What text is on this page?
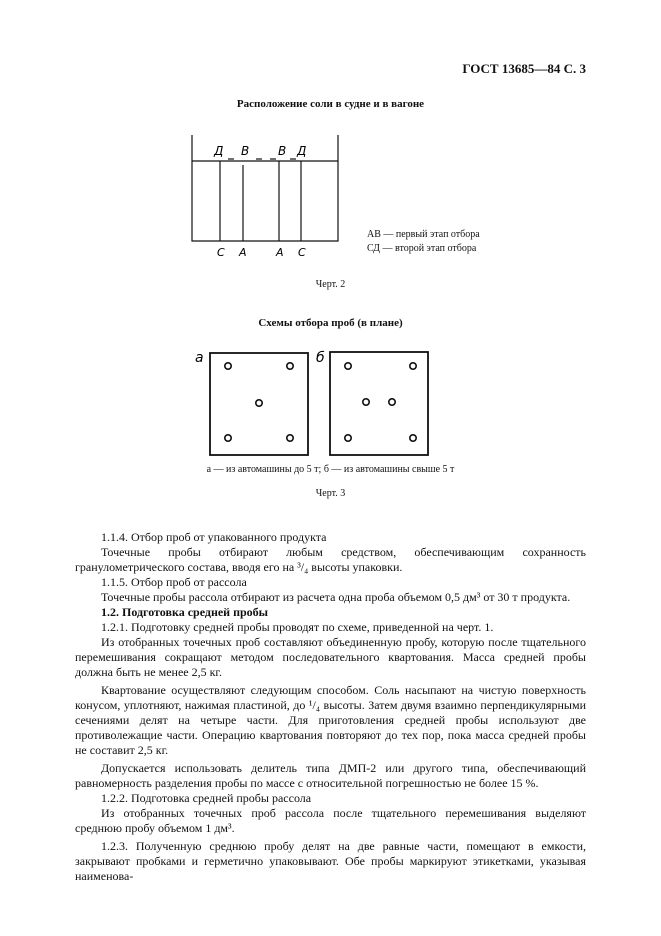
ГОСТ 13685—84 С. 3
Расположение соли в судне и в вагоне
Д В В Д
С А	А С
АВ — первый этап отбора
СД — второй этап отбора
Черт. 2
Схемы отбора проб (в плане)
а	б
а — из автомашины до 5 т; б — из автомашины свыше 5 т
Черт. 3

1.1.4. Отбор проб от упакованного продукта

Точечные пробы отбирают любым средством, обеспечивающим сохранность гранулометрического состава, вводя его на ³/₄ высоты упаковки.

1.1.5. Отбор проб от рассола

Точечные пробы рассола отбирают из расчета одна проба объемом 0,5 дм³ от 30 т продукта.

1.2. Подготовка средней пробы

1.2.1. Подготовку средней пробы проводят по схеме, приведенной на черт. 1.

Из отобранных точечных проб составляют объединенную пробу, которую после тщательного перемешивания сокращают методом последовательного квартования. Масса средней пробы должна быть не менее 2,5 кг.

Квартование осуществляют следующим способом. Соль насыпают на чистую поверхность конусом, уплотняют, нажимая пластиной, до ¹/₄ высоты. Затем двумя взаимно перпендикулярными сечениями делят на четыре части. Для приготовления средней пробы используют две противолежащие части. Операцию квартования повторяют до тех пор, пока масса средней пробы не составит 2,5 кг.

Допускается использовать делитель типа ДМП-2 или другого типа, обеспечивающий равномерность разделения пробы по массе с относительной погрешностью не более 15 %.

1.2.2. Подготовка средней пробы рассола

Из отобранных точечных проб рассола после тщательного перемешивания выделяют среднюю пробу объемом 1 дм³.

1.2.3. Полученную среднюю пробу делят на две равные части, помещают в емкости, закрывают пробками и герметично упаковывают. Обе пробы маркируют этикетками, указывая наименова-
